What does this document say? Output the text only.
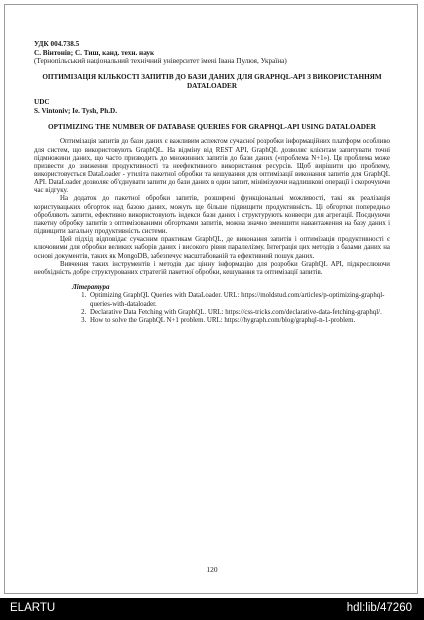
УДК 004.738.5
С. Вінтонів; С. Тиш, канд. техн. наук
(Тернопільський національний технічний університет імені Івана Пулюя, Україна)
ОПТИМІЗАЦІЯ КІЛЬКОСТІ ЗАПИТІВ ДО БАЗИ ДАНИХ ДЛЯ GRAPHQL-API З ВИКОРИСТАННЯМ DATALOADER
UDC
S. Vintoniv; Ie. Tysh, Ph.D.
OPTIMIZING THE NUMBER OF DATABASE QUERIES FOR GRAPHQL-API USING DATALOADER

Оптимізація запитів до бази даних є важливим аспектом сучасної розробки інформаційних платформ особливо для систем, що використовують GraphQL. На відміну від REST API, GraphQL дозволяє клієнтам запитувати точні підмножини даних, що часто призводить до множинних запитів до бази даних («проблема N+1»). Ця проблема може призвести до зниження продуктивності та неефективного використання ресурсів. Щоб вирішити цю проблему, використовується DataLoader - утиліта пакетної обробки та кешування для оптимізації виконання запитів для GraphQL API. DataLoader дозволяє об'єднувати запити до бази даних в один запит, мінімізуючи надлишкові операції і скорочуючи час відгуку.

На додаток до пакетної обробки запитів, розширені функціональні можливості, такі як реалізація користувацьких обгорток над базою даних, можуть ще більше підвищити продуктивність. Ці обгортки попередньо обробляють запити, ефективно використовують індекси бази даних і структурують конвеєри для агрегації. Поєднуючи пакетну обробку запитів з оптимізованими обгортками запитів, можна значно зменшити навантаження на базу даних і підвищити загальну продуктивність системи.

Цей підхід відповідає сучасним практикам GraphQL, де виконання запитів і оптимізація продуктивності є ключовими для обробки великих наборів даних і високого рівня паралелізму. Інтеграція цих методів з базами даних на основі документів, таких як MongoDB, забезпечує масштабованій та ефективний пошук даних.

Вивчення таких інструментів і методів дає цінну інформацію для розробки GraphQL API, підкреслюючи необхідність добре структурованих стратегій пакетної обробки, кешування та оптимізації запитів.

Література
1. Optimizing GraphQL Queries with DataLoader. URL: https://moldstud.com/articles/p-optimizing-graphql-queries-with-dataloader.
2. Declarative Data Fetching with GraphQL. URL: https://css-tricks.com/declarative-data-fetching-graphql/.
3. How to solve the GraphQL N+1 problem. URL: https://hygraph.com/blog/graphql-n-1-problem.
120
ELARTU	hdl:lib/47260
